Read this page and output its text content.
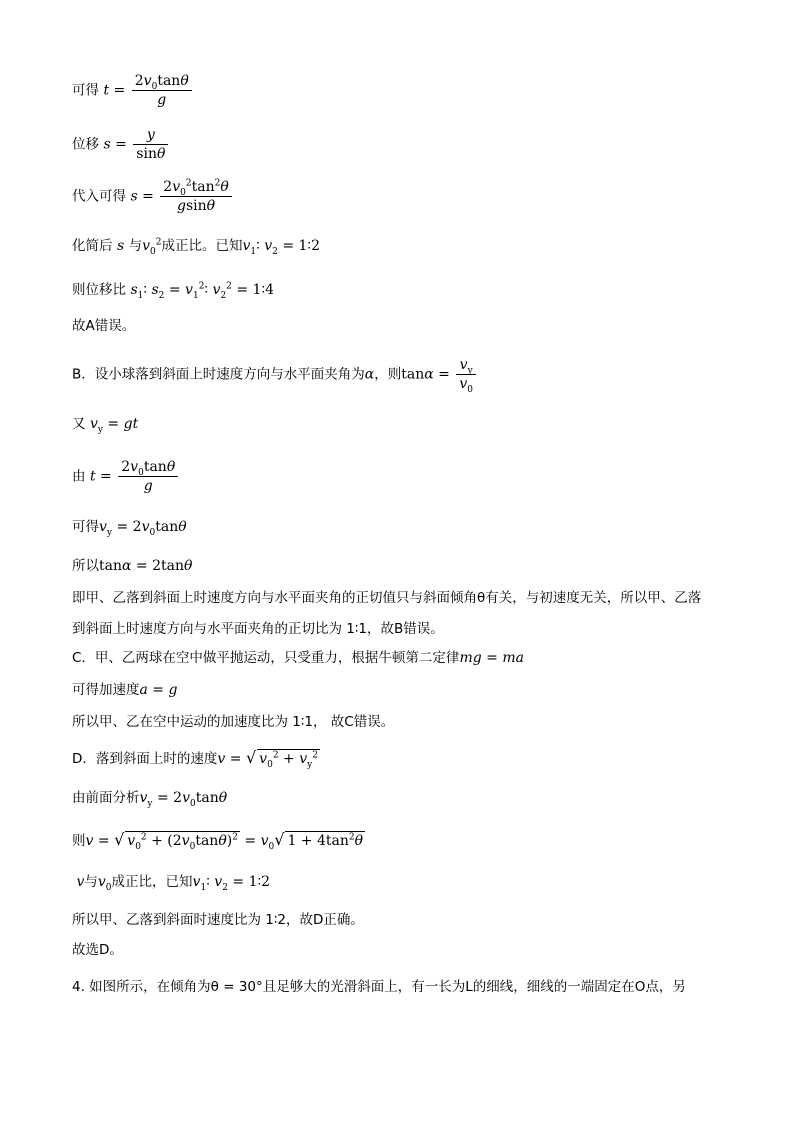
可得 $t = \frac{2v_0\tan\theta}{g}$
位移 $s = \frac{y}{\sin\theta}$
代入可得 $s = \frac{2v_0^2\tan^2\theta}{gsin\theta}$
化简后 s 与$v_0^2$成正比。已知$v_1∶$ $v_2$ = 1∶2
则位移比 $s_1∶$ $s_2$ = $v_1^2∶$ $v_2^2$ = 1∶4
故A错误。
B．设小球落到斜面上时速度方向与水平面夹角为α，则$\tan\alpha = \frac{v_y}{v_0}$
又 $v_y$ = gt
由 $t = \frac{2v_0\tan\theta}{g}$
可得$v_y = 2v_0\tan\theta$
所以tanα = 2tanθ
即甲、乙落到斜面上时速度方向与水平面夹角的正切值只与斜面倾角θ有关，与初速度无关，所以甲、乙落
到斜面上时速度方向与水平面夹角的正切比为 1∶1，故B错误。
C．甲、乙两球在空中做平抛运动，只受重力，根据牛顿第二定律mg = ma
可得加速度a = g
所以甲、乙在空中运动的加速度比为 1∶1， 故C错误。
D．落到斜面上时的速度v = √ $v_0^2 + v_y^2$
由前面分析$v_y = 2v_0\tan\theta$
则v = √ $v_0^2 + (2v_0\tan\theta)^2 = v_0√$ $1 + 4\tan^2\theta$
v与$v_0$成正比，已知$v_1∶$ $v_2$ = 1∶2
所以甲、乙落到斜面时速度比为 1∶2，故D正确。
故选D。
4. 如图所示，在倾角为θ = 30°且足够大的光滑斜面上，有一长为L的细线，细线的一端固定在O点，另
